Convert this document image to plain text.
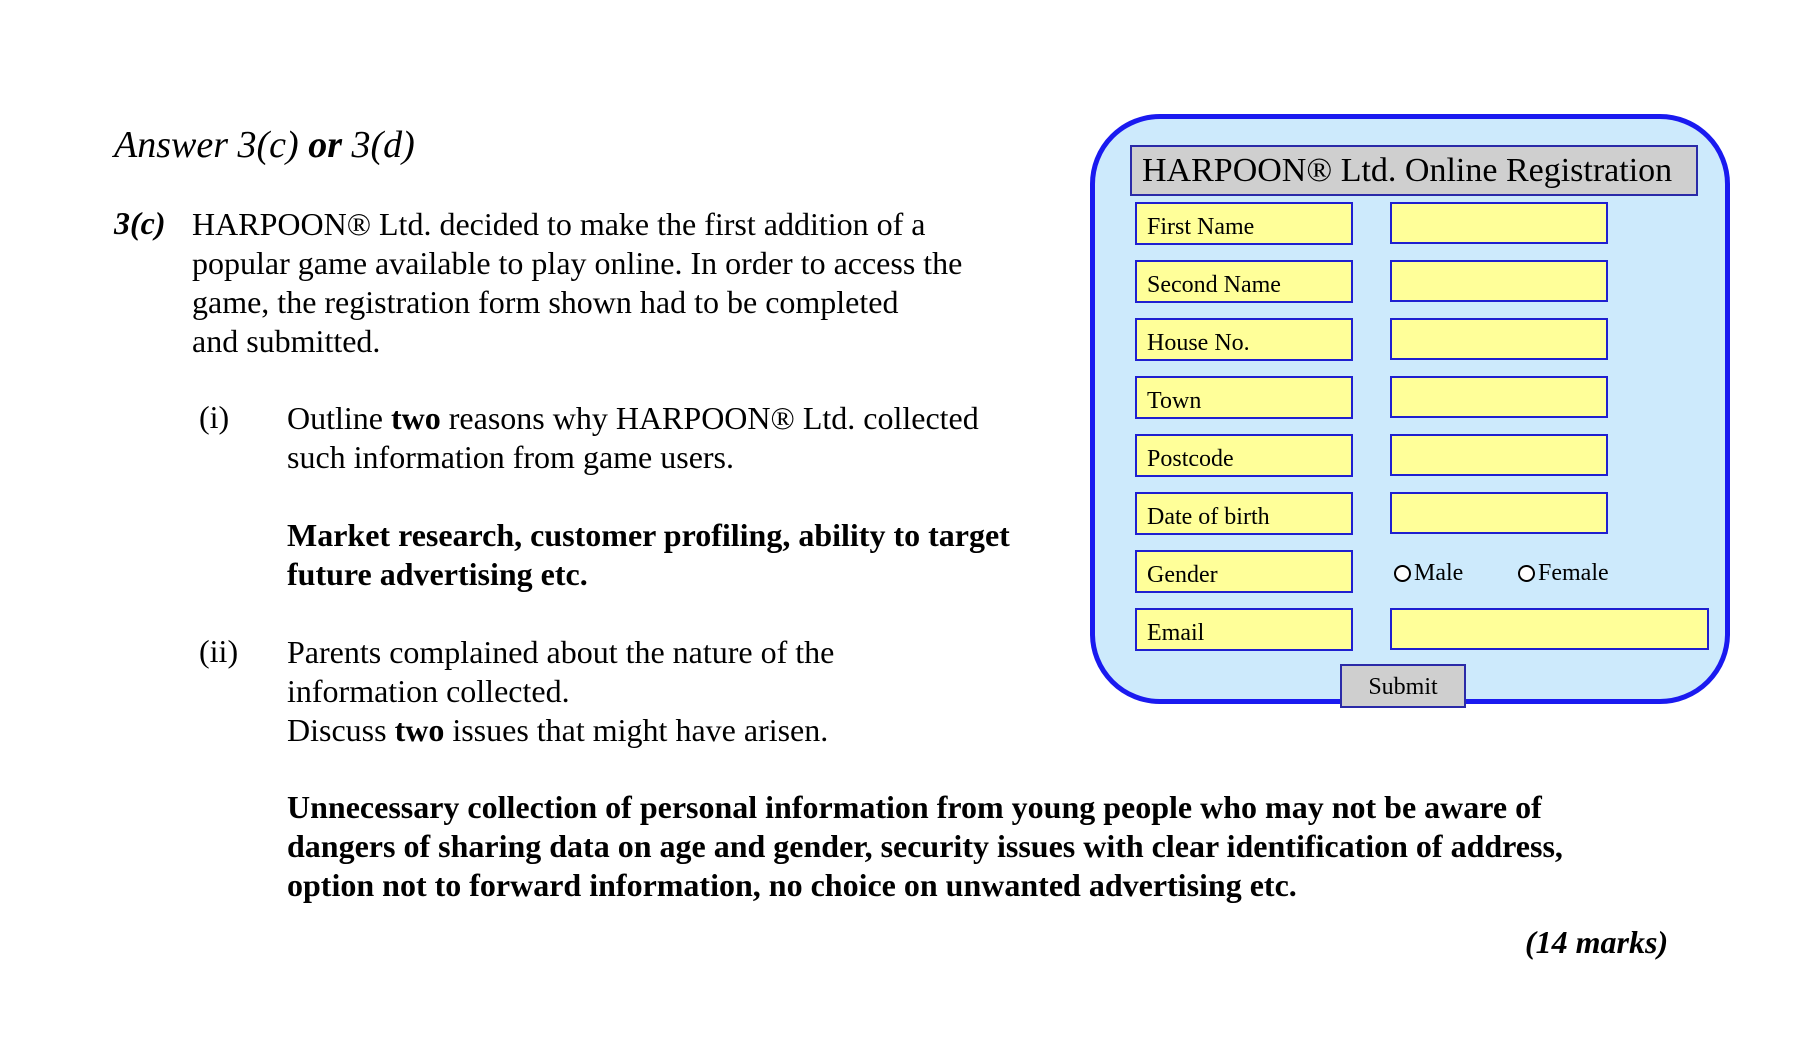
Answer 3(c) or 3(d)
3(c) HARPOON® Ltd. decided to make the first addition of a
popular game available to play online. In order to access the
game, the registration form shown had to be completed
and submitted.
(i) Outline two reasons why HARPOON® Ltd. collected
such information from game users.
Market research, customer profiling, ability to target
future advertising etc.
(ii) Parents complained about the nature of the
information collected.
Discuss two issues that might have arisen.
Unnecessary collection of personal information from young people who may not be aware of
dangers of sharing data on age and gender, security issues with clear identification of address,
option not to forward information, no choice on unwanted advertising etc.
(14 marks)
HARPOON® Ltd. Online Registration
First Name
Second Name
House No.
Town
Postcode
Date of birth
Gender	Male	Female
Email
Submit
